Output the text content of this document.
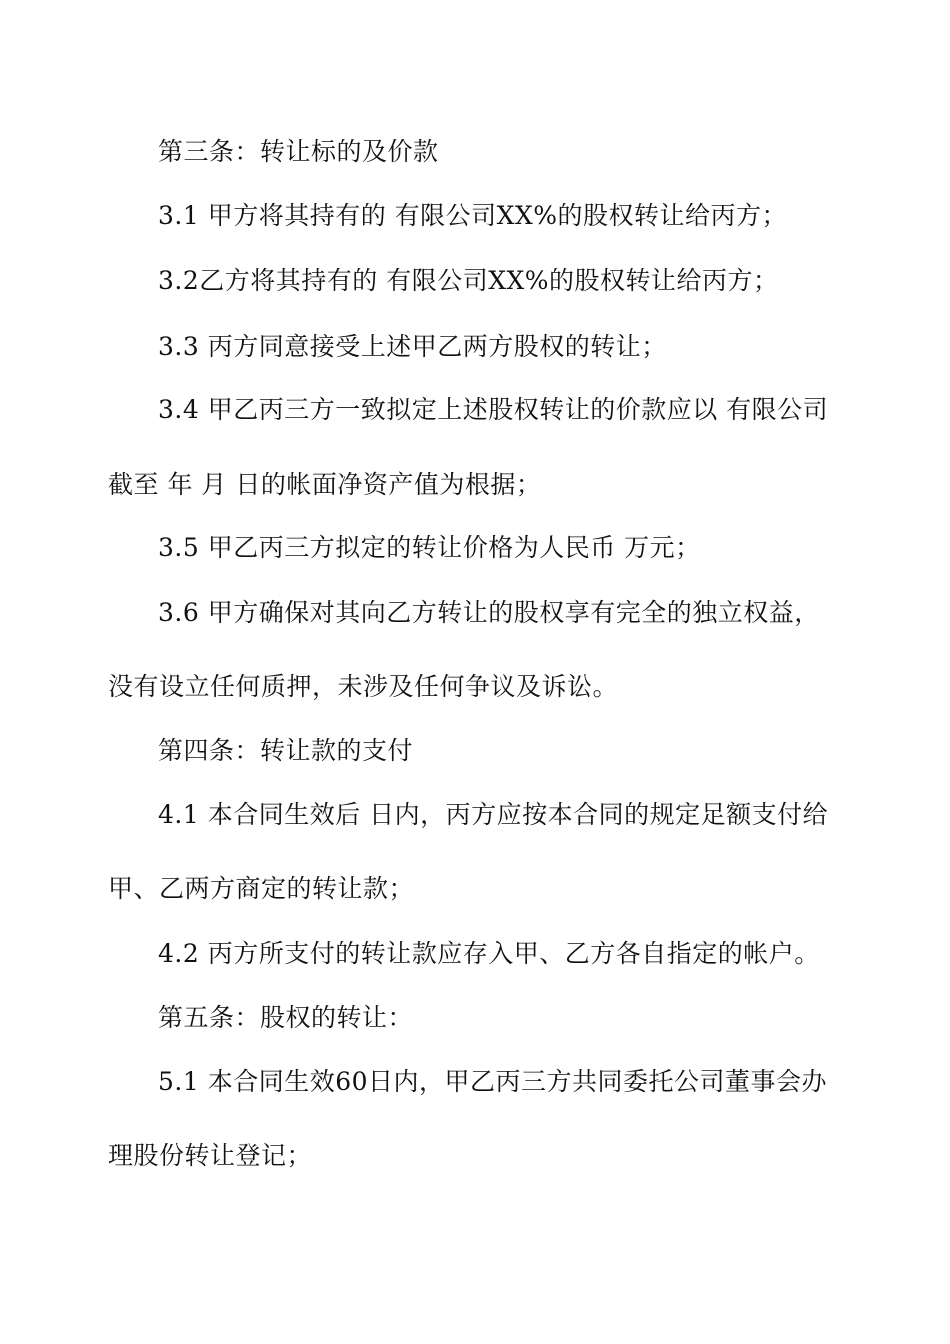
第三条：转让标的及价款
3.1 甲方将其持有的 有限公司XX%的股权转让给丙方；
3.2乙方将其持有的 有限公司XX%的股权转让给丙方；
3.3 丙方同意接受上述甲乙两方股权的转让；
3.4 甲乙丙三方一致拟定上述股权转让的价款应以 有限公司
截至 年 月 日的帐面净资产值为根据；
3.5 甲乙丙三方拟定的转让价格为人民币 万元；
3.6 甲方确保对其向乙方转让的股权享有完全的独立权益，
没有设立任何质押，未涉及任何争议及诉讼。
第四条：转让款的支付
4.1 本合同生效后 日内，丙方应按本合同的规定足额支付给
甲、乙两方商定的转让款；
4.2 丙方所支付的转让款应存入甲、乙方各自指定的帐户。
第五条：股权的转让：
5.1 本合同生效60日内，甲乙丙三方共同委托公司董事会办
理股份转让登记；
